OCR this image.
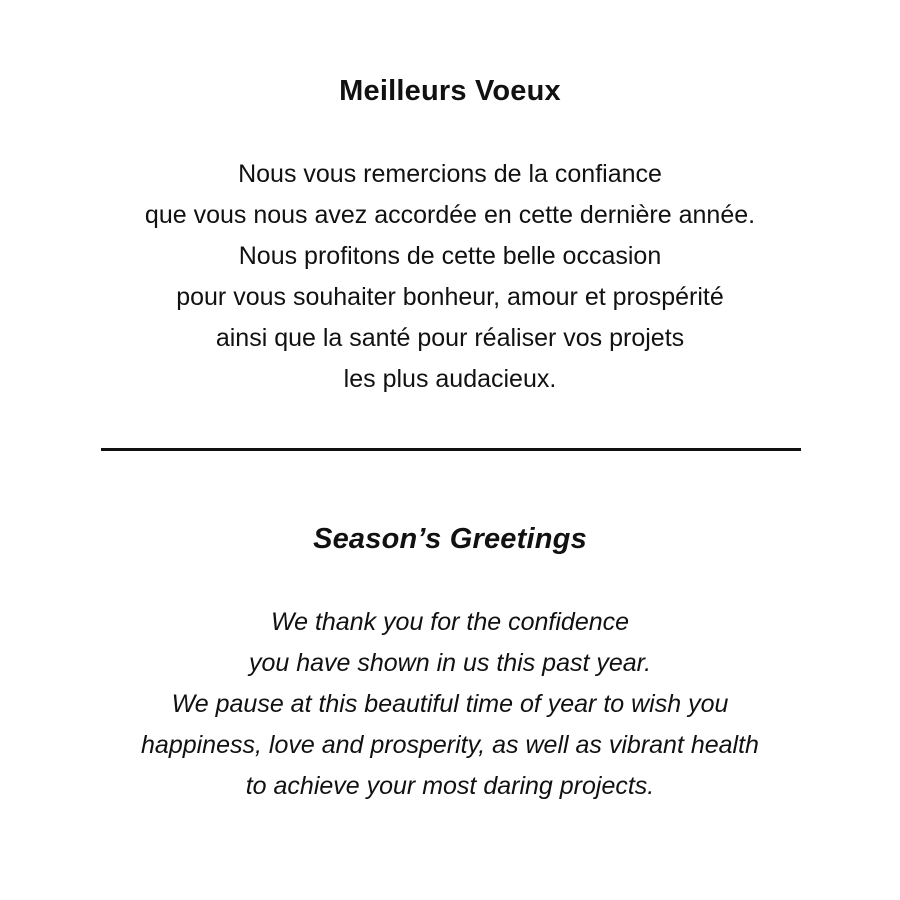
Meilleurs Voeux
Nous vous remercions de la confiance
que vous nous avez accordée en cette dernière année.
Nous profitons de cette belle occasion
pour vous souhaiter bonheur, amour et prospérité
ainsi que la santé pour réaliser vos projets
les plus audacieux.
Season’s Greetings
We thank you for the confidence
you have shown in us this past year.
We pause at this beautiful time of year to wish you
happiness, love and prosperity, as well as vibrant health
to achieve your most daring projects.
